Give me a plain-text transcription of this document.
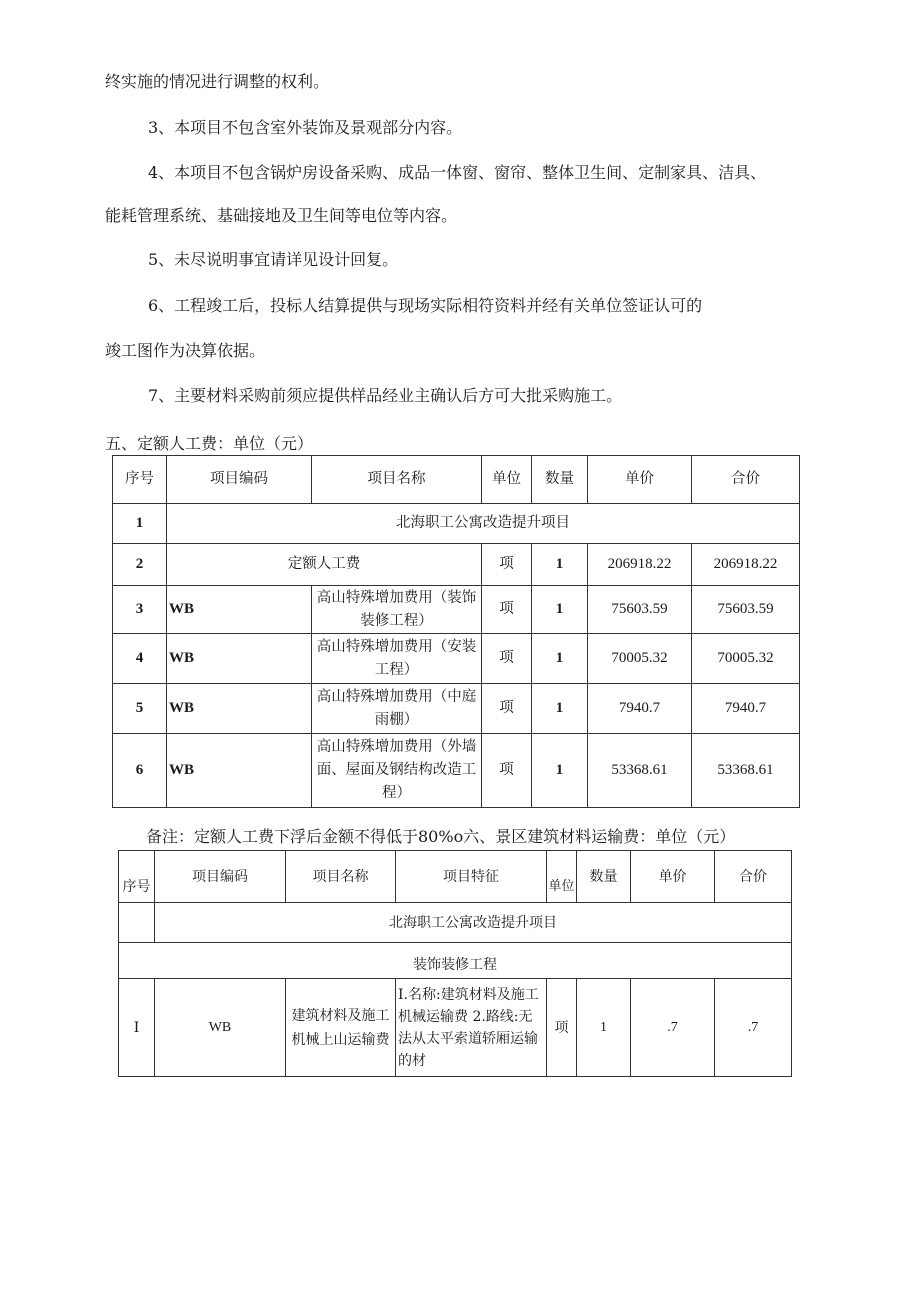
终实施的情况进行调整的权利。
3、本项目不包含室外装饰及景观部分内容。
4、本项目不包含锅炉房设备采购、成品一体窗、窗帘、整体卫生间、定制家具、洁具、
能耗管理系统、基础接地及卫生间等电位等内容。
5、未尽说明事宜请详见设计回复。
6、工程竣工后，投标人结算提供与现场实际相符资料并经有关单位签证认可的
竣工图作为决算依据。
7、主要材料采购前须应提供样品经业主确认后方可大批采购施工。
五、定额人工费：单位（元）
序号	项目编码	项目名称	单位	数量	单价	合价
1	北海职工公寓改造提升项目					
2	定额人工费		项	1	206918.22	206918.22
3	WB	高山特殊增加费用（装饰装修工程）	项	1	75603.59	75603.59
4	WB	高山特殊增加费用（安装工程）	项	1	70005.32	70005.32
5	WB	高山特殊增加费用（中庭雨棚）	项	1	7940.7	7940.7
6	WB	高山特殊增加费用（外墙面、屋面及钢结构改造工程）	项	1	53368.61	53368.61
备注：定额人工费下浮后金额不得低于80%o六、景区建筑材料运输费：单位（元）
序号	项目编码	项目名称	项目特征	单位	数量	单价	合价
	北海职工公寓改造提升项目						
装饰装修工程							
I	WB	建筑材料及施工机械上山运输费	I.名称:建筑材料及施工机械运输费 2.路线:无法从太平索道轿厢运输的材	项	1	.7	.7
